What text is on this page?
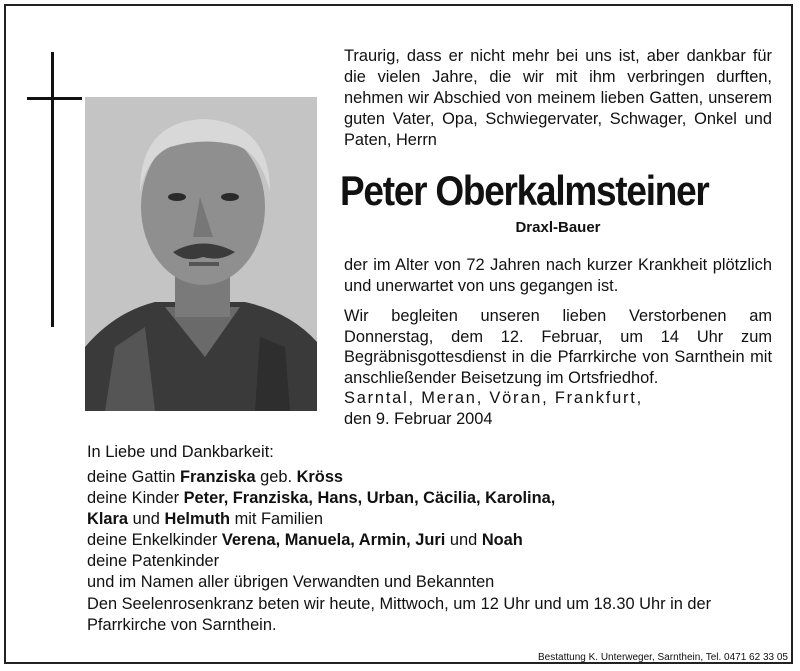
Traurig, dass er nicht mehr bei uns ist, aber dankbar für die vielen Jahre, die wir mit ihm verbringen durften, nehmen wir Abschied von meinem lieben Gatten, unserem guten Vater, Opa, Schwiegervater, Schwager, Onkel und Paten, Herrn
Peter Oberkalmsteiner
Draxl-Bauer
der im Alter von 72 Jahren nach kurzer Krankheit plötzlich und unerwartet von uns gegangen ist.
Wir begleiten unseren lieben Verstorbenen am Donnerstag, dem 12. Februar, um 14 Uhr zum Begräbnisgottesdienst in die Pfarrkirche von Sarnthein mit anschließender Beisetzung im Ortsfriedhof.
Sarntal, Meran, Vöran, Frankfurt,
den 9. Februar 2004
In Liebe und Dankbarkeit:
deine Gattin Franziska geb. Kröss
deine Kinder Peter, Franziska, Hans, Urban, Cäcilia, Karolina,
Klara und Helmuth mit Familien
deine Enkelkinder Verena, Manuela, Armin, Juri und Noah
deine Patenkinder
und im Namen aller übrigen Verwandten und Bekannten
Den Seelenrosenkranz beten wir heute, Mittwoch, um 12 Uhr und um 18.30 Uhr in der Pfarrkirche von Sarnthein.
Bestattung K. Unterweger, Sarnthein, Tel. 0471 62 33 05
